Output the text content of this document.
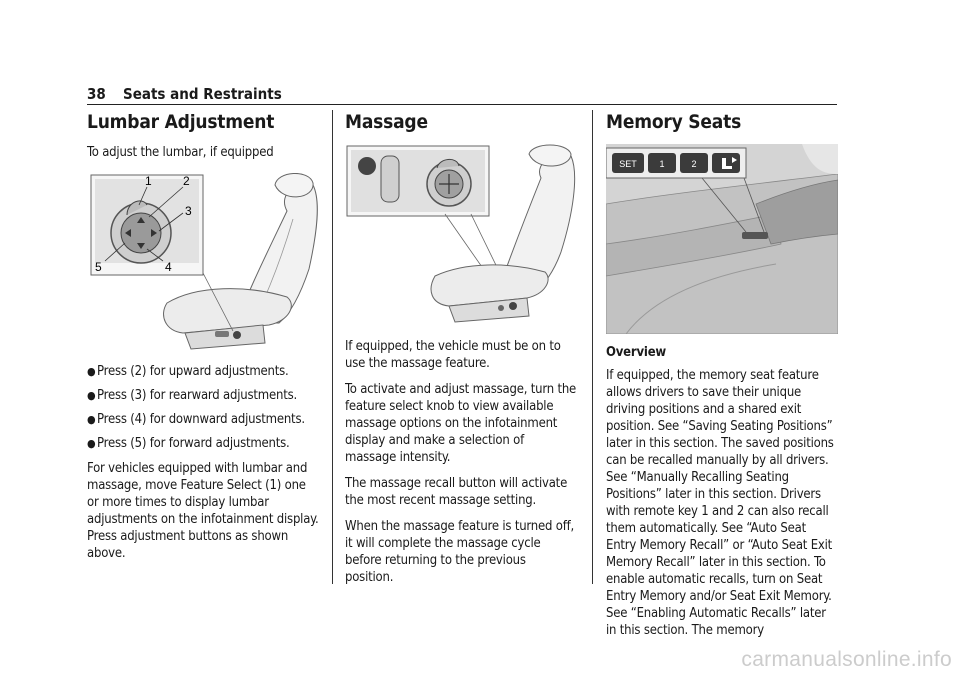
38 Seats and Restraints
Lumbar Adjustment

To adjust the lumbar, if equipped

1	2
3
4
5
● Press (2) for upward adjustments.
● Press (3) for rearward adjustments.
● Press (4) for downward adjustments.
● Press (5) for forward adjustments.

For vehicles equipped with lumbar and massage, move Feature Select (1) one or more times to display lumbar adjustments on the infotainment display. Press adjustment buttons as shown above.

Massage

If equipped, the vehicle must be on to use the massage feature.

To activate and adjust massage, turn the feature select knob to view available massage options on the infotainment display and make a selection of massage intensity.

The massage recall button will activate the most recent massage setting.

When the massage feature is turned off, it will complete the massage cycle before returning to the previous position.

Memory Seats
SET	1	2

Overview

If equipped, the memory seat feature allows drivers to save their unique driving positions and a shared exit position. See “Saving Seating Positions” later in this section. The saved positions can be recalled manually by all drivers. See “Manually Recalling Seating Positions” later in this section. Drivers with remote key 1 and 2 can also recall them automatically. See “Auto Seat Entry Memory Recall” or “Auto Seat Exit Memory Recall” later in this section. To enable automatic recalls, turn on Seat Entry Memory and/or Seat Exit Memory. See “Enabling Automatic Recalls” later in this section. The memory

carmanualsonline.info
